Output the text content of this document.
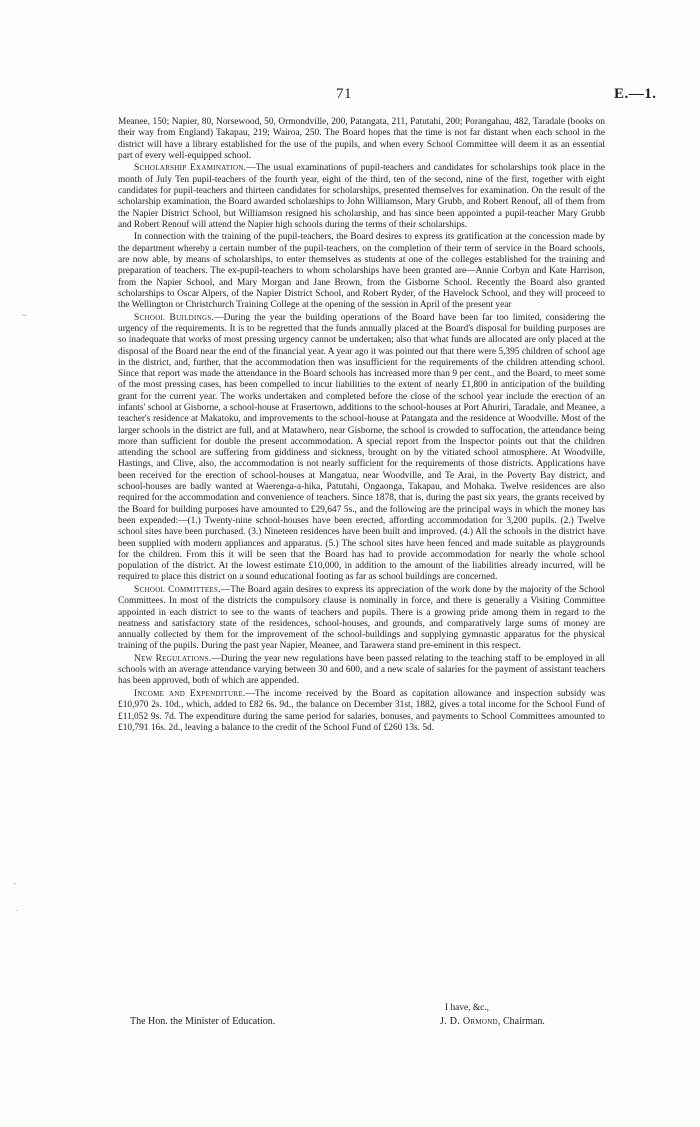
71	E.—1.
~
-
.

Meanee, 150; Napier, 80, Norsewood, 50, Ormondville, 200, Patangata, 211, Patutahi, 200; Porangahau, 482, Taradale (books on their way from England) Takapau, 219; Wairoa, 250. The Board hopes that the time is not far distant when each school in the district will have a library established for the use of the pupils, and when every School Committee will deem it as an essential part of every well-equipped school.

Scholarship Examination.—The usual examinations of pupil-teachers and candidates for scholarships took place in the month of July Ten pupil-teachers of the fourth year, eight of the third, ten of the second, nine of the first, together with eight candidates for pupil-teachers and thirteen candidates for scholarships, presented themselves for examination. On the result of the scholarship examination, the Board awarded scholarships to John Williamson, Mary Grubb, and Robert Renouf, all of them from the Napier District School, but Williamson resigned his scholarship, and has since been appointed a pupil-teacher Mary Grubb and Robert Renouf will attend the Napier high schools during the terms of their scholarships.

In connection with the training of the pupil-teachers, the Board desires to express its gratification at the concession made by the department whereby a certain number of the pupil-teachers, on the completion of their term of service in the Board schools, are now able, by means of scholarships, to enter themselves as students at one of the colleges established for the training and preparation of teachers. The ex-pupil-teachers to whom scholarships have been granted are—Annie Corbyn and Kate Harrison, from the Napier School, and Mary Morgan and Jane Brown, from the Gisborne School. Recently the Board also granted scholarships to Oscar Alpers, of the Napier District School, and Robert Ryder, of the Havelock School, and they will proceed to the Wellington or Christchurch Training College at the opening of the session in April of the present year

School Buildings.—During the year the building operations of the Board have been far too limited, considering the urgency of the requirements. It is to be regretted that the funds annually placed at the Board's disposal for building purposes are so inadequate that works of most pressing urgency cannot be undertaken; also that what funds are allocated are only placed at the disposal of the Board near the end of the financial year. A year ago it was pointed out that there were 5,395 children of school age in the district, and, further, that the accommodation then was insufficient for the requirements of the children attending school. Since that report was made the attendance in the Board schools has increased more than 9 per cent., and the Board, to meet some of the most pressing cases, has been compelled to incur liabilities to the extent of nearly £1,800 in anticipation of the building grant for the current year. The works undertaken and completed before the close of the school year include the erection of an infants' school at Gisborne, a school-house at Frasertown, additions to the school-houses at Port Ahuriri, Taradale, and Meanee, a teacher's residence at Makatoku, and improvements to the school-house at Patangata and the residence at Woodville. Most of the larger schools in the district are full, and at Matawhero, near Gisborne, the school is crowded to suffocation, the attendance being more than sufficient for double the present accommodation. A special report from the Inspector points out that the children attending the school are suffering from giddiness and sickness, brought on by the vitiated school atmosphere. At Woodville, Hastings, and Clive, also, the accommodation is not nearly sufficient for the requirements of those districts. Applications have been received for the erection of school-houses at Mangatua, near Woodville, and Te Arai, in the Poverty Bay district, and school-houses are badly wanted at Waerenga-a-hika, Patutahi, Ongaonga, Takapau, and Mohaka. Twelve residences are also required for the accommodation and convenience of teachers. Since 1878, that is, during the past six years, the grants received by the Board for building purposes have amounted to £29,647 5s., and the following are the principal ways in which the money has been expended:—(1.) Twenty-nine school-houses have been erected, affording accommodation for 3,200 pupils. (2.) Twelve school sites have been purchased. (3.) Nineteen residences have been built and improved. (4.) All the schools in the district have been supplied with modern appliances and apparatus. (5.) The school sites have been fenced and made suitable as playgrounds for the children. From this it will be seen that the Board has had to provide accommodation for nearly the whole school population of the district. At the lowest estimate £10,000, in addition to the amount of the liabilities already incurred, will be required to place this district on a sound educational footing as far as school buildings are concerned.

School Committees.—The Board again desires to express its appreciation of the work done by the majority of the School Committees. In most of the districts the compulsory clause is nominally in force, and there is generally a Visiting Committee appointed in each district to see to the wants of teachers and pupils. There is a growing pride among them in regard to the neatness and satisfactory state of the residences, school-houses, and grounds, and comparatively large sums of money are annually collected by them for the improvement of the school-buildings and supplying gymnastic apparatus for the physical training of the pupils. During the past year Napier, Meanee, and Tarawera stand pre-eminent in this respect.

New Regulations.—During the year new regulations have been passed relating to the teaching staff to be employed in all schools with an average attendance varying between 30 and 600, and a new scale of salaries for the payment of assistant teachers has been approved, both of which are appended.

Income and Expenditure.—The income received by the Board as capitation allowance and inspection subsidy was £10,970 2s. 10d., which, added to £82 6s. 9d., the balance on December 31st, 1882, gives a total income for the School Fund of £11,052 9s. 7d. The expenditure during the same period for salaries, bonuses, and payments to School Committees amounted to £10,791 16s. 2d., leaving a balance to the credit of the School Fund of £260 13s. 5d.

I have, &c.,
The Hon. the Minister of Education.	J. D. Ormond, Chairman.
